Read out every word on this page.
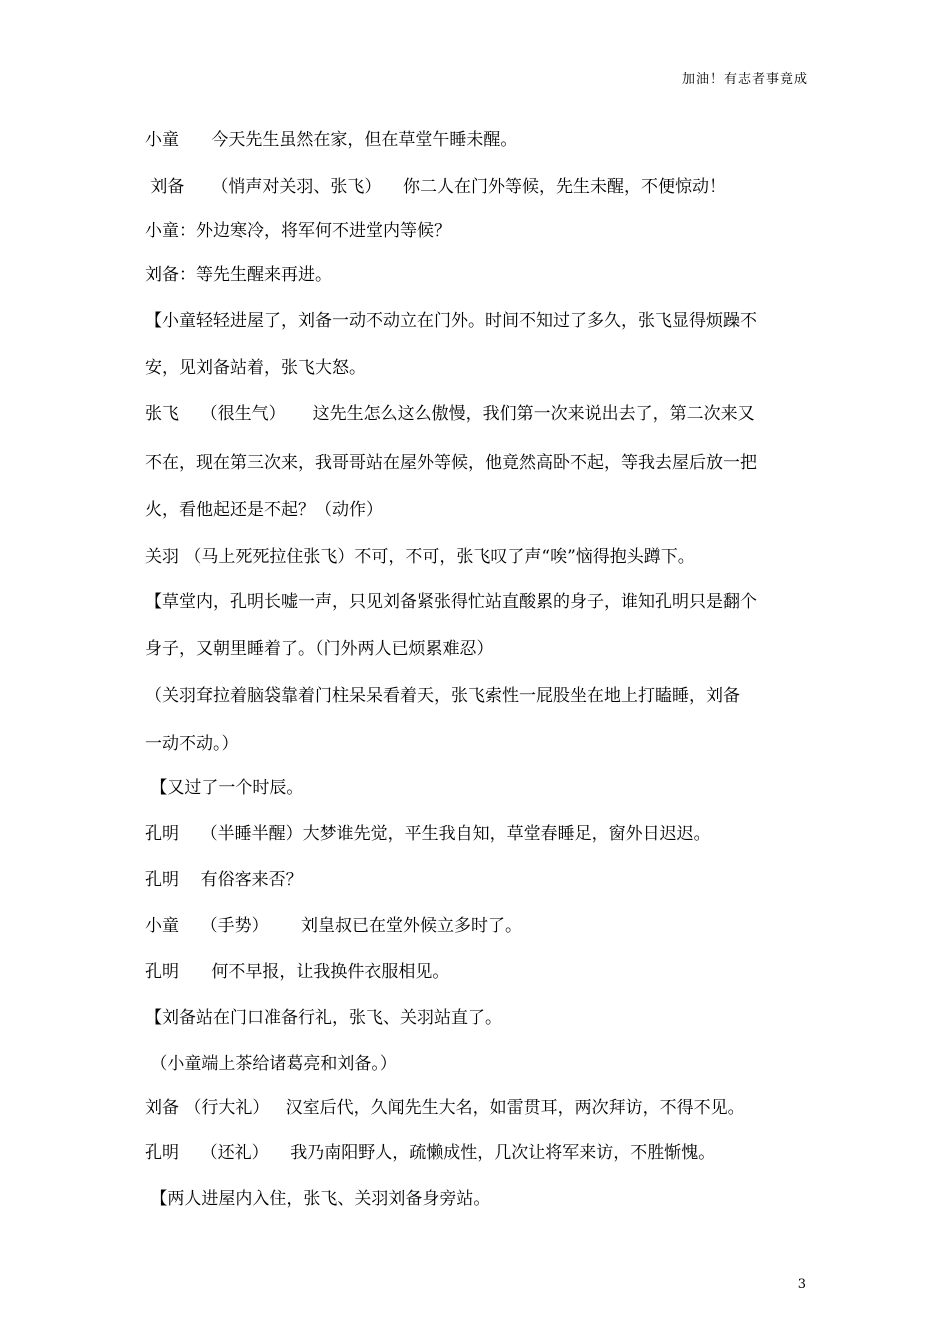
加油！有志者事竟成
小童      今天先生虽然在家，但在草堂午睡未醒。
刘备     （悄声对关羽、张飞）    你二人在门外等候，先生未醒，不便惊动！
小童：外边寒冷，将军何不进堂内等候？
刘备：等先生醒来再进。
【小童轻轻进屋了，刘备一动不动立在门外。时间不知过了多久，张飞显得烦躁不
安，见刘备站着，张飞大怒。
张飞    （很生气）     这先生怎么这么傲慢，我们第一次来说出去了，第二次来又
不在，现在第三次来，我哥哥站在屋外等候，他竟然高卧不起，等我去屋后放一把
火，看他起还是不起？（动作）
关羽 （马上死死拉住张飞）不可，不可，张飞叹了声“唉”恼得抱头蹲下。
【草堂内，孔明长嘘一声，只见刘备紧张得忙站直酸累的身子，谁知孔明只是翻个
身子，又朝里睡着了。（门外两人已烦累难忍）
（关羽耷拉着脑袋靠着门柱呆呆看着天，张飞索性一屁股坐在地上打瞌睡，刘备
一动不动。）
【又过了一个时辰。
孔明    （半睡半醒）大梦谁先觉，平生我自知，草堂春睡足，窗外日迟迟。
孔明    有俗客来否？
小童    （手势）      刘皇叔已在堂外候立多时了。
孔明      何不早报，让我换件衣服相见。
【刘备站在门口准备行礼，张飞、关羽站直了。
（小童端上茶给诸葛亮和刘备。）
刘备 （行大礼）   汉室后代，久闻先生大名，如雷贯耳，两次拜访，不得不见。
孔明    （还礼）    我乃南阳野人，疏懒成性，几次让将军来访，不胜惭愧。
【两人进屋内入住，张飞、关羽刘备身旁站。
3
